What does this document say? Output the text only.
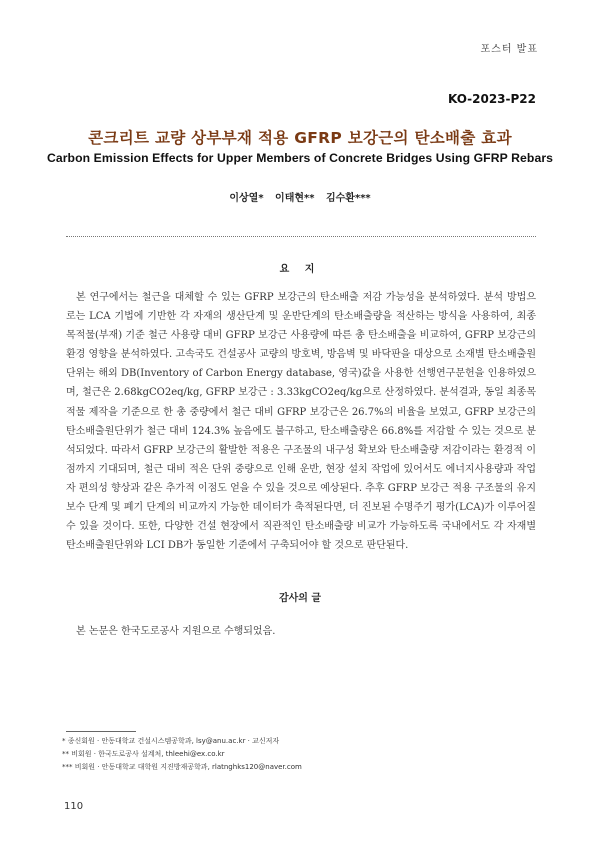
포스터 발표
KO-2023-P22
콘크리트 교량 상부부재 적용 GFRP 보강근의 탄소배출 효과
Carbon Emission Effects for Upper Members of Concrete Bridges Using GFRP Rebars
이상열* 이태현** 김수환***
요 지

본 연구에서는 철근을 대체할 수 있는 GFRP 보강근의 탄소배출 저감 가능성을 분석하였다. 분석 방법으로는 LCA 기법에 기반한 각 자재의 생산단계 및 운반단계의 탄소배출량을 적산하는 방식을 사용하여, 최종목적물(부재) 기준 철근 사용량 대비 GFRP 보강근 사용량에 따른 총 탄소배출을 비교하여, GFRP 보강근의 환경 영향을 분석하였다. 고속국도 건설공사 교량의 방호벽, 방음벽 및 바닥판을 대상으로 소재별 탄소배출원단위는 해외 DB(Inventory of Carbon Energy database, 영국)값을 사용한 선행연구문헌을 인용하였으며, 철근은 2.68kgCO2eq/kg, GFRP 보강근 : 3.33kgCO2eq/kg으로 산정하였다. 분석결과, 동일 최종목적물 제작을 기준으로 한 총 중량에서 철근 대비 GFRP 보강근은 26.7%의 비율을 보였고, GFRP 보강근의 탄소배출원단위가 철근 대비 124.3% 높음에도 불구하고, 탄소배출량은 66.8%를 저감할 수 있는 것으로 분석되었다. 따라서 GFRP 보강근의 활발한 적용은 구조물의 내구성 확보와 탄소배출량 저감이라는 환경적 이점까지 기대되며, 철근 대비 적은 단위 중량으로 인해 운반, 현장 설치 작업에 있어서도 에너지사용량과 작업자 편의성 향상과 같은 추가적 이점도 얻을 수 있을 것으로 예상된다. 추후 GFRP 보강근 적용 구조물의 유지보수 단계 및 폐기 단계의 비교까지 가능한 데이터가 축적된다면, 더 진보된 수명주기 평가(LCA)가 이루어질 수 있을 것이다. 또한, 다양한 건설 현장에서 직관적인 탄소배출량 비교가 가능하도록 국내에서도 각 자재별 탄소배출원단위와 LCI DB가 동일한 기준에서 구축되어야 할 것으로 판단된다.

감사의 글

본 논문은 한국도로공사 지원으로 수행되었음.

* 종신회원 · 안동대학교 건설시스템공학과, lsy@anu.ac.kr · 교신저자
** 비회원 · 한국도로공사 설계처, thleehi@ex.co.kr
*** 비회원 · 안동대학교 대학원 지진방재공학과, rlatnghks120@naver.com
110
